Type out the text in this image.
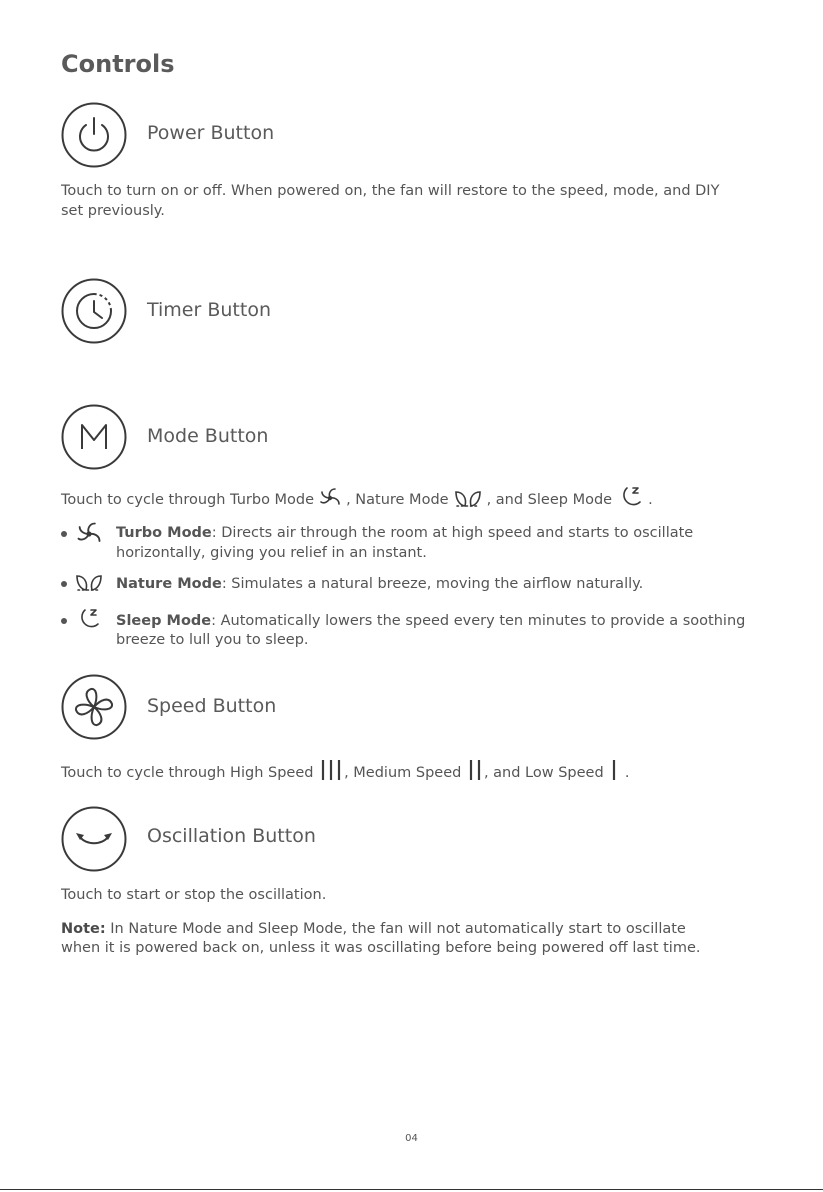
Controls
Power Button

Touch to turn on or off. When powered on, the fan will restore to the speed, mode, and DIY

set previously.

Timer Button
Mode Button

Touch to cycle through Turbo Mode , Nature Mode	, and Sleep Mode .

Turbo Mode: Directs air through the room at high speed and starts to oscillate

horizontally, giving you relief in an instant.

Nature Mode: Simulates a natural breeze, moving the airflow naturally.

Sleep Mode: Automatically lowers the speed every ten minutes to provide a soothing

breeze to lull you to sleep.

Speed Button

Touch to cycle through High Speed , Medium Speed , and Low Speed .

Oscillation Button

Touch to start or stop the oscillation.

Note: In Nature Mode and Sleep Mode, the fan will not automatically start to oscillate

when it is powered back on, unless it was oscillating before being powered off last time.

04
